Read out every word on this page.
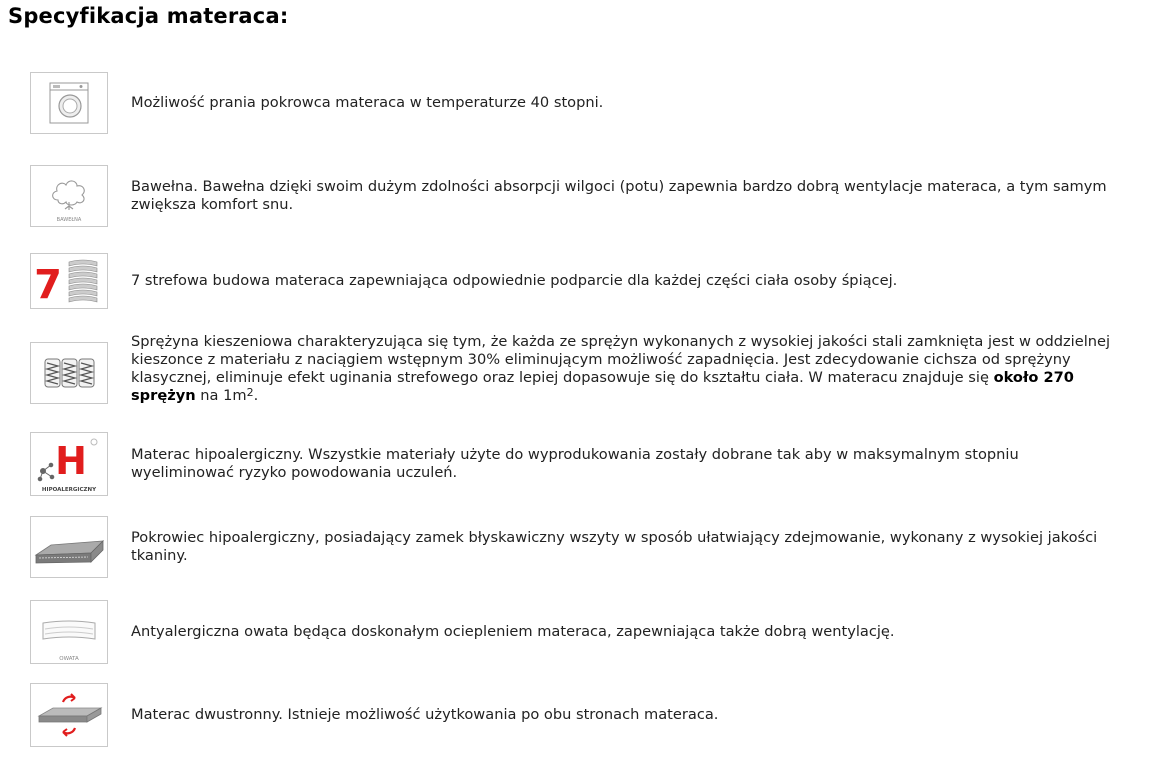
Specyfikacja materaca:
Możliwość prania pokrowca materaca w temperaturze 40 stopni.
BAWEŁNA
Bawełna. Bawełna dzięki swoim dużym zdolności absorpcji wilgoci (potu) zapewnia bardzo dobrą wentylacje materaca, a tym samym zwiększa komfort snu.
7	7 strefowa budowa materaca zapewniająca odpowiednie podparcie dla każdej części ciała osoby śpiącej.
Sprężyna kieszeniowa charakteryzująca się tym, że każda ze sprężyn wykonanych z wysokiej jakości stali zamknięta jest w oddzielnej kieszonce z materiału z naciągiem wstępnym 30% eliminującym możliwość zapadnięcia. Jest zdecydowanie cichsza od sprężyny klasycznej, eliminuje efekt uginania strefowego oraz lepiej dopasowuje się do kształtu ciała. W materacu znajduje się około 270 sprężyn na $1m^2$.
H
HIPOALERGICZNY
Materac hipoalergiczny. Wszystkie materiały użyte do wyprodukowania zostały dobrane tak aby w maksymalnym stopniu wyeliminować ryzyko powodowania uczuleń.
Pokrowiec hipoalergiczny, posiadający zamek błyskawiczny wszyty w sposób ułatwiający zdejmowanie, wykonany z wysokiej jakości tkaniny.
OWATA
Antyalergiczna owata będąca doskonałym ociepleniem materaca, zapewniająca także dobrą wentylację.
Materac dwustronny. Istnieje możliwość użytkowania po obu stronach materaca.
